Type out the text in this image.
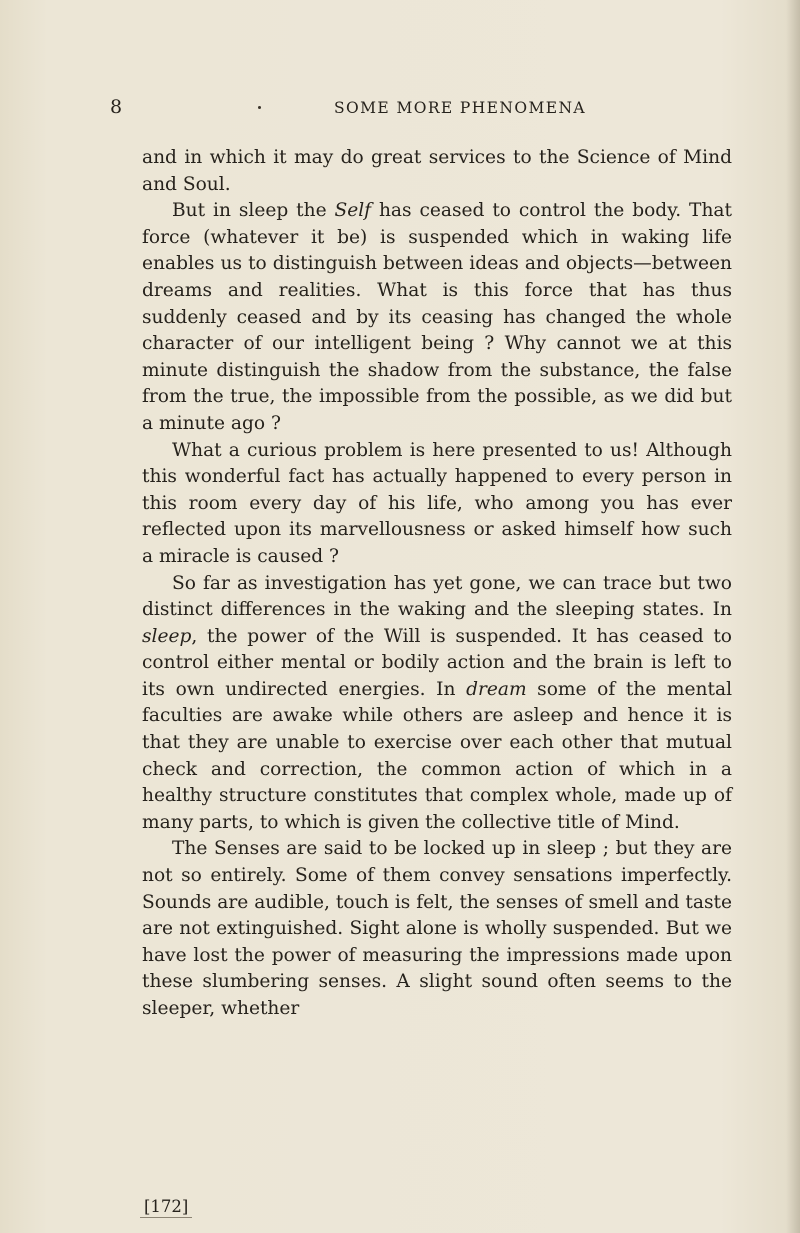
8	SOME MORE PHENOMENA

and in which it may do great services to the Science of Mind and Soul.

But in sleep the Self has ceased to control the body. That force (whatever it be) is suspended which in waking life enables us to distinguish between ideas and objects—between dreams and realities. What is this force that has thus suddenly ceased and by its ceasing has changed the whole character of our intelligent being ? Why cannot we at this minute distinguish the shadow from the substance, the false from the true, the impossible from the possible, as we did but a minute ago ?

What a curious problem is here presented to us! Although this wonderful fact has actually happened to every person in this room every day of his life, who among you has ever reflected upon its marvellousness or asked himself how such a miracle is caused ?

So far as investigation has yet gone, we can trace but two distinct differences in the waking and the sleeping states. In sleep, the power of the Will is suspended. It has ceased to control either mental or bodily action and the brain is left to its own undirected energies. In dream some of the mental faculties are awake while others are asleep and hence it is that they are unable to exercise over each other that mutual check and correction, the common action of which in a healthy structure constitutes that complex whole, made up of many parts, to which is given the collective title of Mind.

The Senses are said to be locked up in sleep ; but they are not so entirely. Some of them convey sensations imperfectly. Sounds are audible, touch is felt, the senses of smell and taste are not extinguished. Sight alone is wholly suspended. But we have lost the power of measuring the impressions made upon these slumbering senses. A slight sound often seems to the sleeper, whether

[172]
